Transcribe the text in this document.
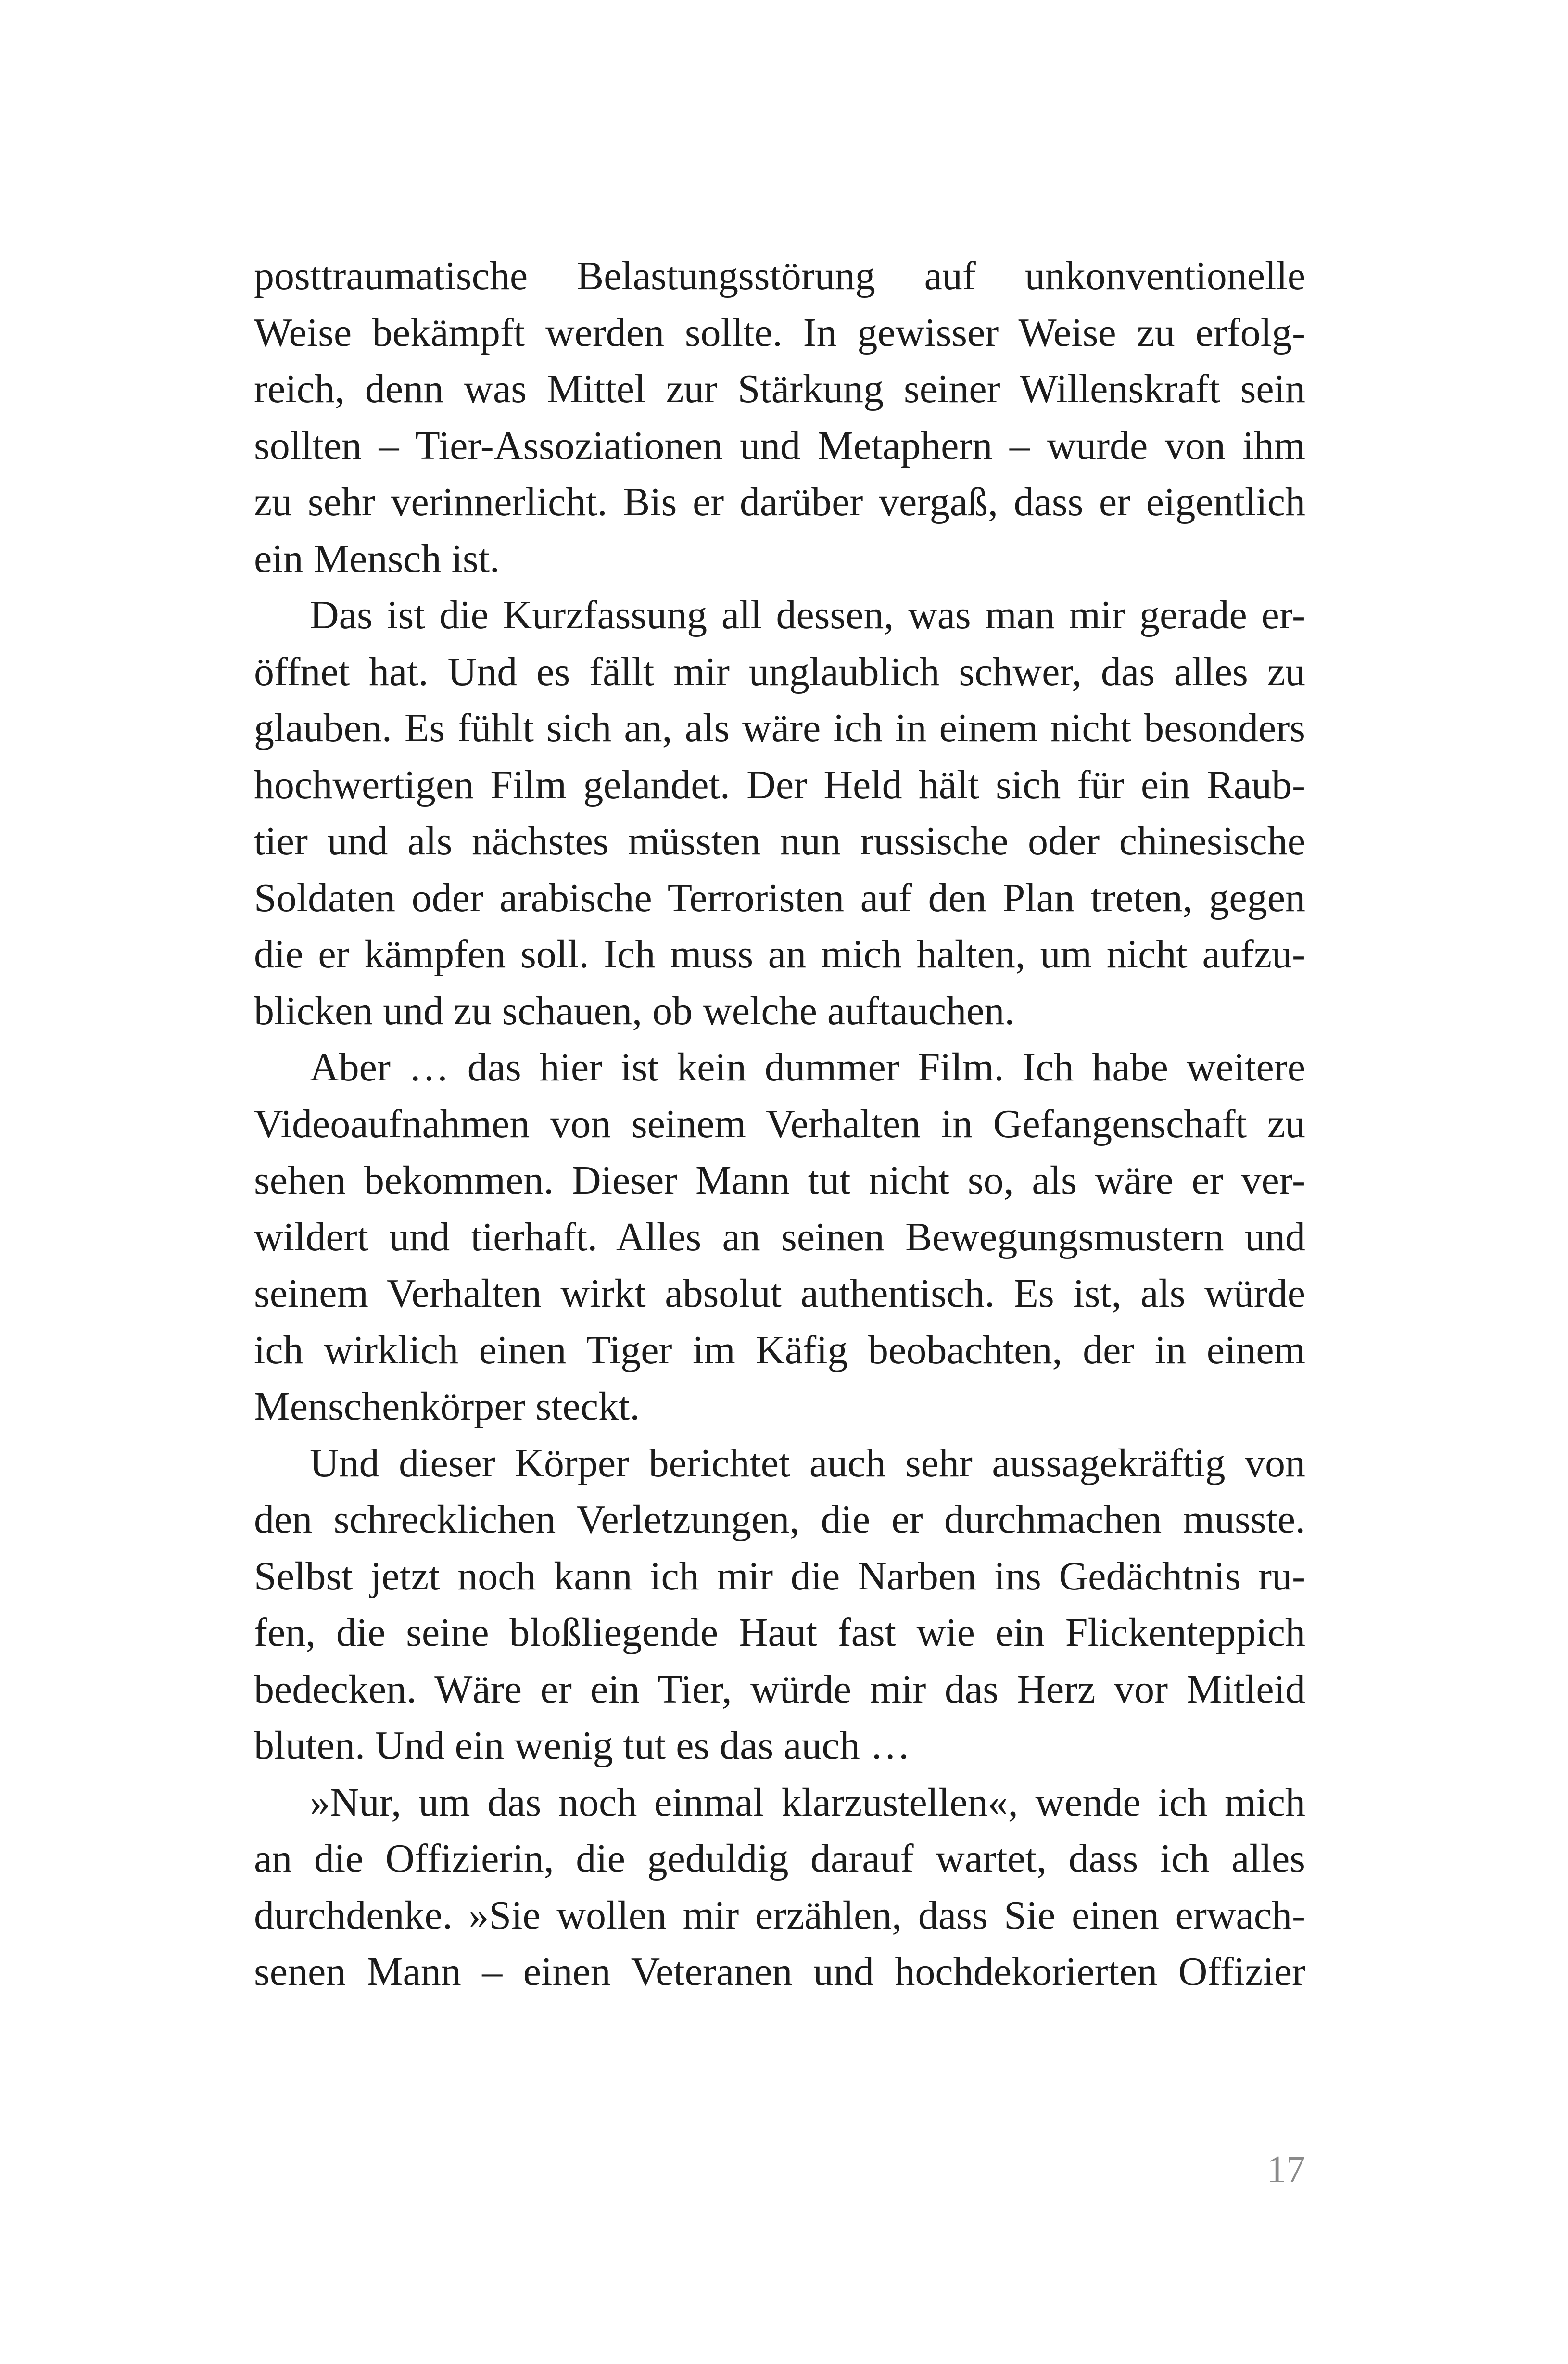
posttraumatische Belastungsstörung auf unkonventionelle
Weise bekämpft werden sollte. In gewisser Weise zu erfolg-
reich, denn was Mittel zur Stärkung seiner Willenskraft sein
sollten – Tier-Assoziationen und Metaphern – wurde von ihm
zu sehr verinnerlicht. Bis er darüber vergaß, dass er eigentlich
ein Mensch ist.
Das ist die Kurzfassung all dessen, was man mir gerade er-
öffnet hat. Und es fällt mir unglaublich schwer, das alles zu
glauben. Es fühlt sich an, als wäre ich in einem nicht besonders
hochwertigen Film gelandet. Der Held hält sich für ein Raub-
tier und als nächstes müssten nun russische oder chinesische
Soldaten oder arabische Terroristen auf den Plan treten, gegen
die er kämpfen soll. Ich muss an mich halten, um nicht aufzu-
blicken und zu schauen, ob welche auftauchen.
Aber … das hier ist kein dummer Film. Ich habe weitere
Videoaufnahmen von seinem Verhalten in Gefangenschaft zu
sehen bekommen. Dieser Mann tut nicht so, als wäre er ver-
wildert und tierhaft. Alles an seinen Bewegungsmustern und
seinem Verhalten wirkt absolut authentisch. Es ist, als würde
ich wirklich einen Tiger im Käfig beobachten, der in einem
Menschenkörper steckt.
Und dieser Körper berichtet auch sehr aussagekräftig von
den schrecklichen Verletzungen, die er durchmachen musste.
Selbst jetzt noch kann ich mir die Narben ins Gedächtnis ru-
fen, die seine bloßliegende Haut fast wie ein Flickenteppich
bedecken. Wäre er ein Tier, würde mir das Herz vor Mitleid
bluten. Und ein wenig tut es das auch …
»Nur, um das noch einmal klarzustellen«, wende ich mich
an die Offizierin, die geduldig darauf wartet, dass ich alles
durchdenke. »Sie wollen mir erzählen, dass Sie einen erwach-
senen Mann – einen Veteranen und hochdekorierten Offizier
17
